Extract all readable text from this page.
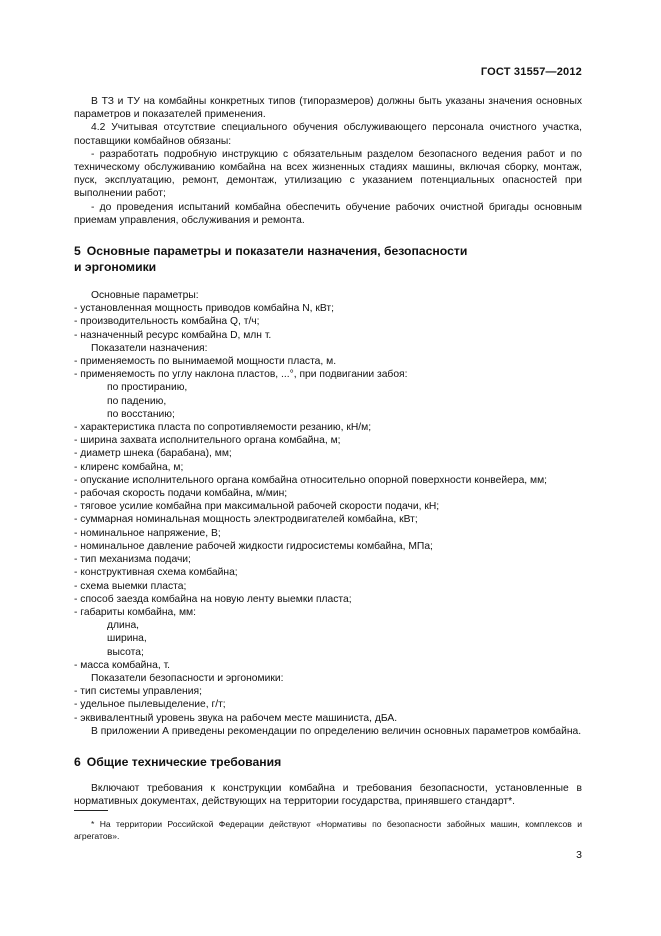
ГОСТ 31557—2012

В ТЗ и ТУ на комбайны конкретных типов (типоразмеров) должны быть указаны значения основных параметров и показателей применения.

4.2 Учитывая отсутствие специального обучения обслуживающего персонала очистного участка, поставщики комбайнов обязаны:

- разработать подробную инструкцию с обязательным разделом безопасного ведения работ и по техническому обслуживанию комбайна на всех жизненных стадиях машины, включая сборку, монтаж, пуск, эксплуатацию, ремонт, демонтаж, утилизацию с указанием потенциальных опасностей при выполнении работ;

- до проведения испытаний комбайна обеспечить обучение рабочих очистной бригады основным приемам управления, обслуживания и ремонта.

5 Основные параметры и показатели назначения, безопасности
и эргономики

Основные параметры:

- установленная мощность приводов комбайна N, кВт;

- производительность комбайна Q, т/ч;

- назначенный ресурс комбайна D, млн т.

Показатели назначения:

- применяемость по вынимаемой мощности пласта, м.

- применяемость по углу наклона пластов, ...°, при подвигании забоя:

по простиранию,

по падению,

по восстанию;

- характеристика пласта по сопротивляемости резанию, кН/м;

- ширина захвата исполнительного органа комбайна, м;

- диаметр шнека (барабана), мм;

- клиренс комбайна, м;

- опускание исполнительного органа комбайна относительно опорной поверхности конвейера, мм;

- рабочая скорость подачи комбайна, м/мин;

- тяговое усилие комбайна при максимальной рабочей скорости подачи, кН;

- суммарная номинальная мощность электродвигателей комбайна, кВт;

- номинальное напряжение, В;

- номинальное давление рабочей жидкости гидросистемы комбайна, МПа;

- тип механизма подачи;

- конструктивная схема комбайна;

- схема выемки пласта;

- способ заезда комбайна на новую ленту выемки пласта;

- габариты комбайна, мм:

длина,

ширина,

высота;

- масса комбайна, т.

Показатели безопасности и эргономики:

- тип системы управления;

- удельное пылевыделение, г/т;

- эквивалентный уровень звука на рабочем месте машиниста, дБА.

В приложении А приведены рекомендации по определению величин основных параметров комбайна.

6 Общие технические требования

Включают требования к конструкции комбайна и требования безопасности, установленные в нормативных документах, действующих на территории государства, принявшего стандарт*.

* На территории Российской Федерации действуют «Нормативы по безопасности забойных машин, комплексов и агрегатов».
3
